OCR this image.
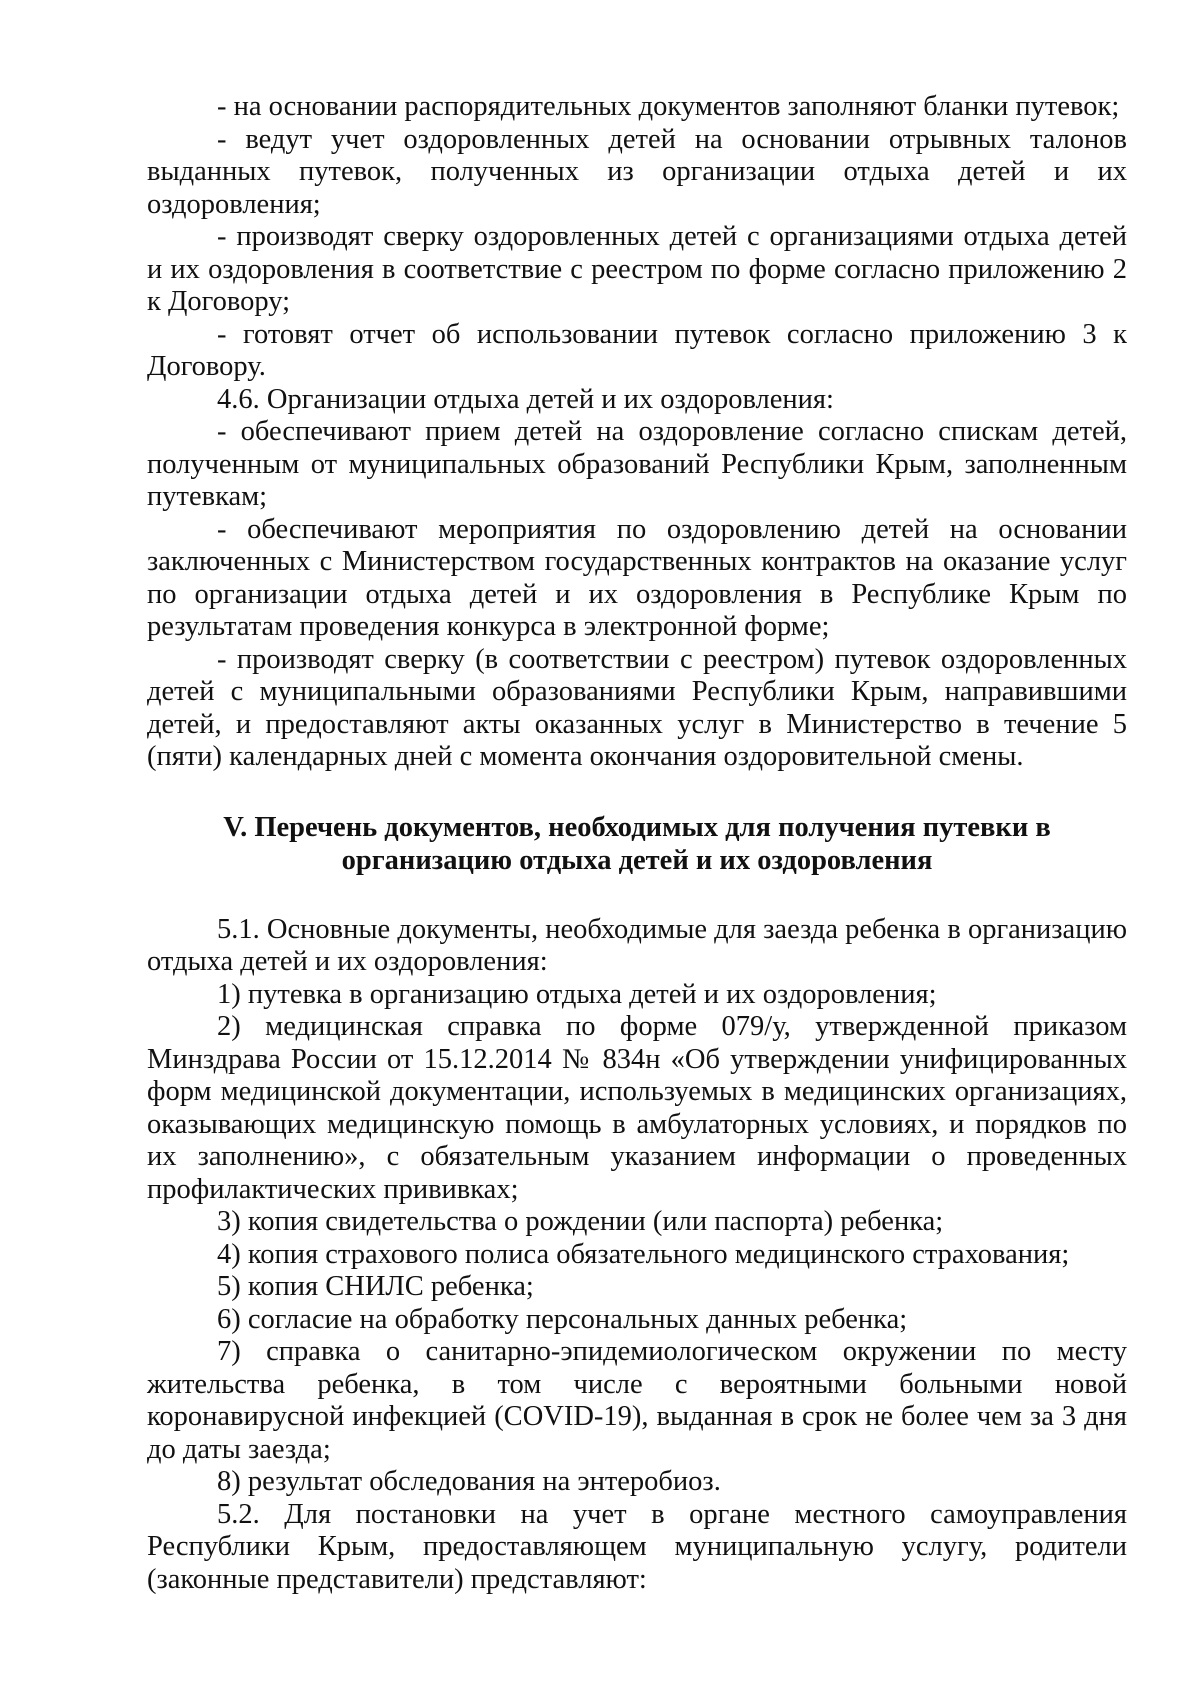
- на основании распорядительных документов заполняют бланки путевок;
- ведут учет оздоровленных детей на основании отрывных талонов
выданных путевок, полученных из организации отдыха детей и их
оздоровления;
- производят сверку оздоровленных детей с организациями отдыха детей
и их оздоровления в соответствие с реестром по форме согласно приложению 2
к Договору;
- готовят отчет об использовании путевок согласно приложению 3 к
Договору.
4.6. Организации отдыха детей и их оздоровления:
- обеспечивают прием детей на оздоровление согласно спискам детей,
полученным от муниципальных образований Республики Крым, заполненным
путевкам;
- обеспечивают мероприятия по оздоровлению детей на основании
заключенных с Министерством государственных контрактов на оказание услуг
по организации отдыха детей и их оздоровления в Республике Крым по
результатам проведения конкурса в электронной форме;
- производят сверку (в соответствии с реестром) путевок оздоровленных
детей с муниципальными образованиями Республики Крым, направившими
детей, и предоставляют акты оказанных услуг в Министерство в течение 5
(пяти) календарных дней с момента окончания оздоровительной смены.
V. Перечень документов, необходимых для получения путевки в
организацию отдыха детей и их оздоровления
5.1. Основные документы, необходимые для заезда ребенка в организацию
отдыха детей и их оздоровления:
1) путевка в организацию отдыха детей и их оздоровления;
2) медицинская справка по форме 079/у, утвержденной приказом
Минздрава России от 15.12.2014 № 834н «Об утверждении унифицированных
форм медицинской документации, используемых в медицинских организациях,
оказывающих медицинскую помощь в амбулаторных условиях, и порядков по
их заполнению», с обязательным указанием информации о проведенных
профилактических прививках;
3) копия свидетельства о рождении (или паспорта) ребенка;
4) копия страхового полиса обязательного медицинского страхования;
5) копия СНИЛС ребенка;
6) согласие на обработку персональных данных ребенка;
7) справка о санитарно-эпидемиологическом окружении по месту
жительства ребенка, в том числе с вероятными больными новой
коронавирусной инфекцией (COVID-19), выданная в срок не более чем за 3 дня
до даты заезда;
8) результат обследования на энтеробиоз.
5.2. Для постановки на учет в органе местного самоуправления
Республики Крым, предоставляющем муниципальную услугу, родители
(законные представители) представляют:
